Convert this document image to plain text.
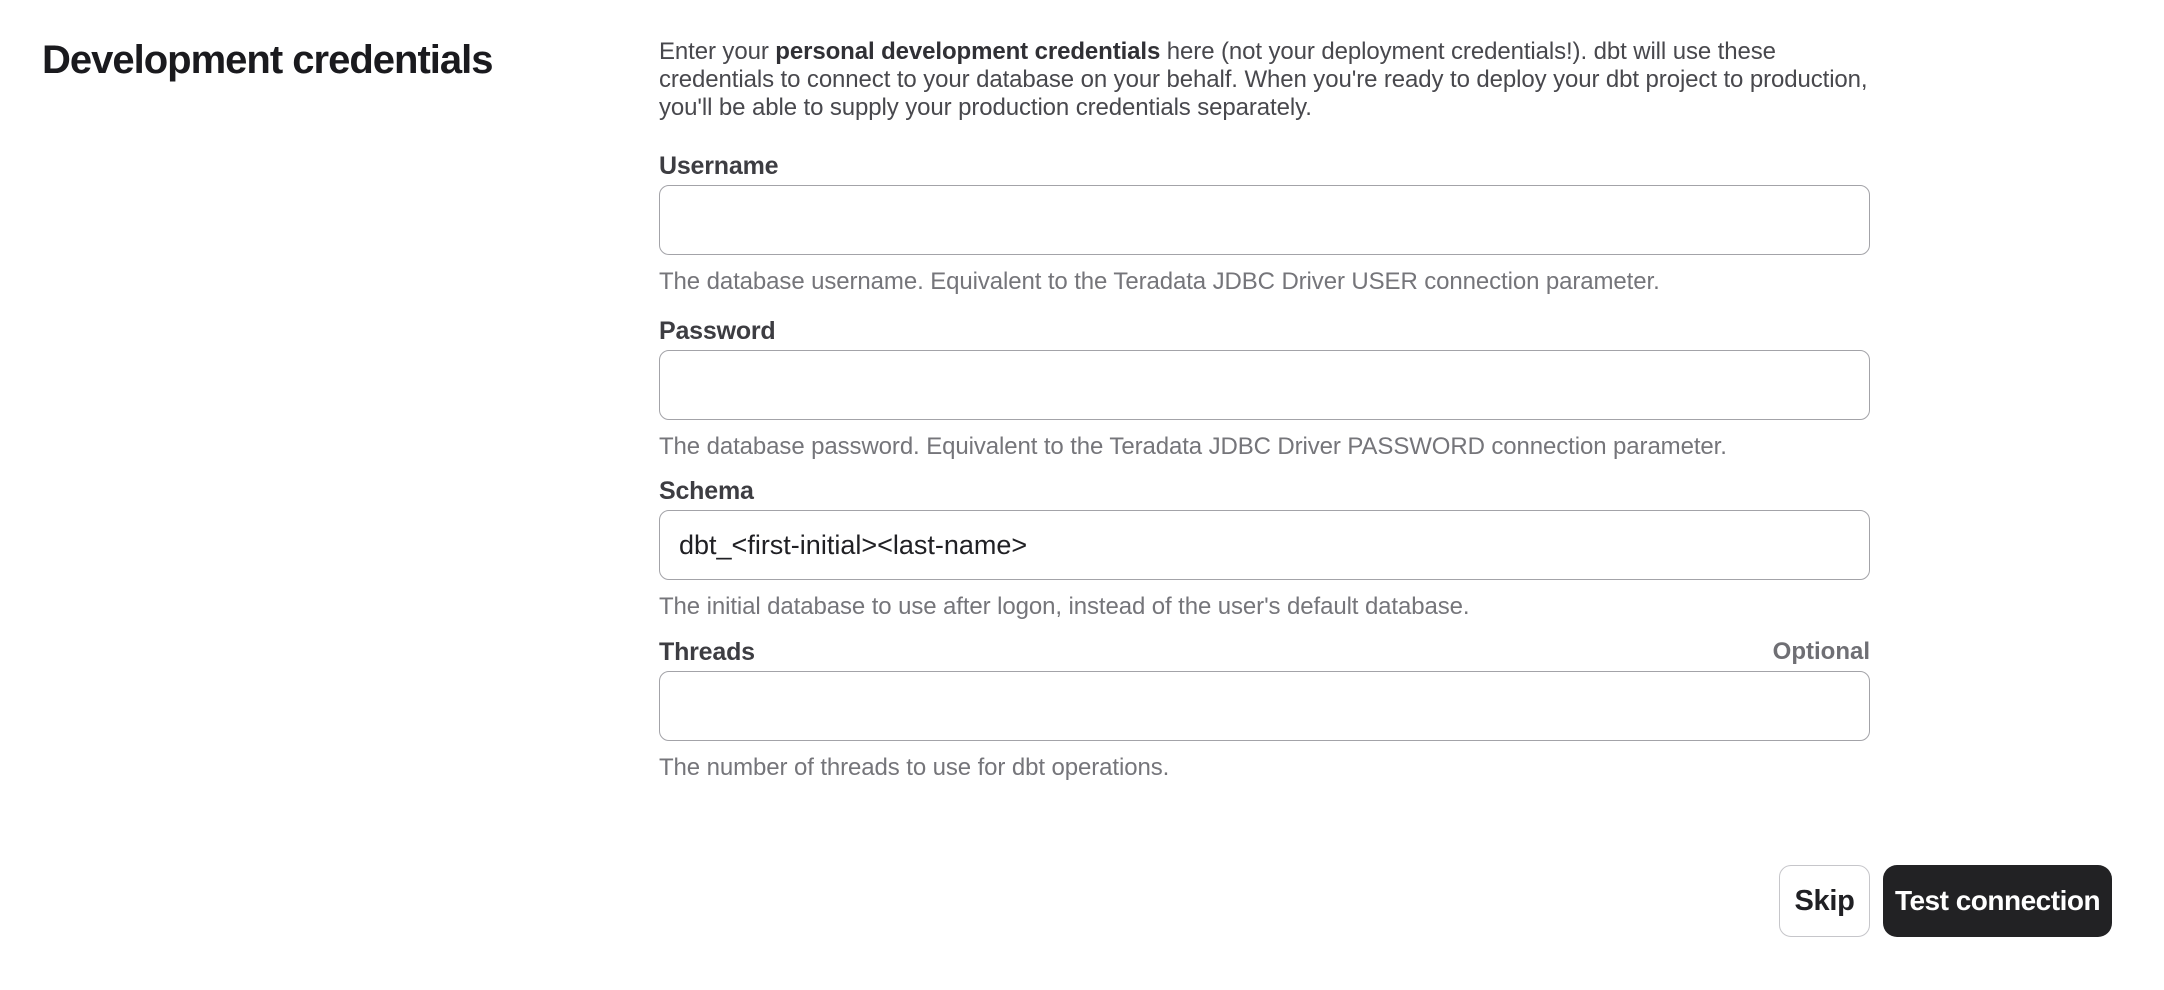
Development credentials	Enter your personal development credentials here (not your deployment credentials!). dbt will use these credentials to connect to your database on your behalf. When you're ready to deploy your dbt project to production, you'll be able to supply your production credentials separately.

Username
The database username. Equivalent to the Teradata JDBC Driver USER connection parameter.
Password
The database password. Equivalent to the Teradata JDBC Driver PASSWORD connection parameter.
Schema
dbt_<first-initial><last-name>
The initial database to use after logon, instead of the user's default database.
Threads	Optional
The number of threads to use for dbt operations.
Skip	Test connection
